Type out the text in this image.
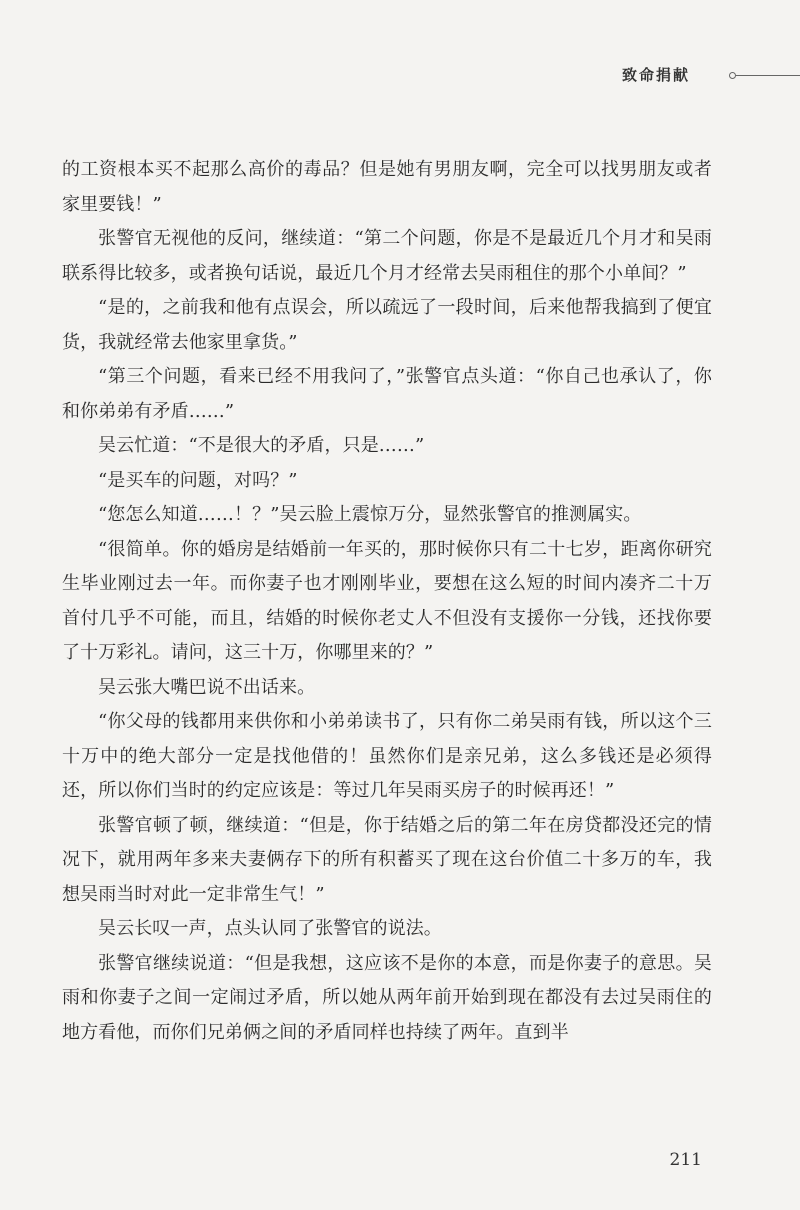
致命捐献

的工资根本买不起那么高价的毒品？但是她有男朋友啊，完全可以找男朋友或者家里要钱！”

张警官无视他的反问，继续道：“第二个问题，你是不是最近几个月才和吴雨联系得比较多，或者换句话说，最近几个月才经常去吴雨租住的那个小单间？”

“是的，之前我和他有点误会，所以疏远了一段时间，后来他帮我搞到了便宜货，我就经常去他家里拿货。”

“第三个问题，看来已经不用我问了，”张警官点头道：“你自己也承认了，你和你弟弟有矛盾……”

吴云忙道：“不是很大的矛盾，只是……”

“是买车的问题，对吗？”

“您怎么知道……！？”吴云脸上震惊万分，显然张警官的推测属实。

“很简单。你的婚房是结婚前一年买的，那时候你只有二十七岁，距离你研究生毕业刚过去一年。而你妻子也才刚刚毕业，要想在这么短的时间内凑齐二十万首付几乎不可能，而且，结婚的时候你老丈人不但没有支援你一分钱，还找你要了十万彩礼。请问，这三十万，你哪里来的？”

吴云张大嘴巴说不出话来。

“你父母的钱都用来供你和小弟弟读书了，只有你二弟吴雨有钱，所以这个三十万中的绝大部分一定是找他借的！虽然你们是亲兄弟，这么多钱还是必须得还，所以你们当时的约定应该是：等过几年吴雨买房子的时候再还！”

张警官顿了顿，继续道：“但是，你于结婚之后的第二年在房贷都没还完的情况下，就用两年多来夫妻俩存下的所有积蓄买了现在这台价值二十多万的车，我想吴雨当时对此一定非常生气！”

吴云长叹一声，点头认同了张警官的说法。

张警官继续说道：“但是我想，这应该不是你的本意，而是你妻子的意思。吴雨和你妻子之间一定闹过矛盾，所以她从两年前开始到现在都没有去过吴雨住的地方看他，而你们兄弟俩之间的矛盾同样也持续了两年。直到半

211
